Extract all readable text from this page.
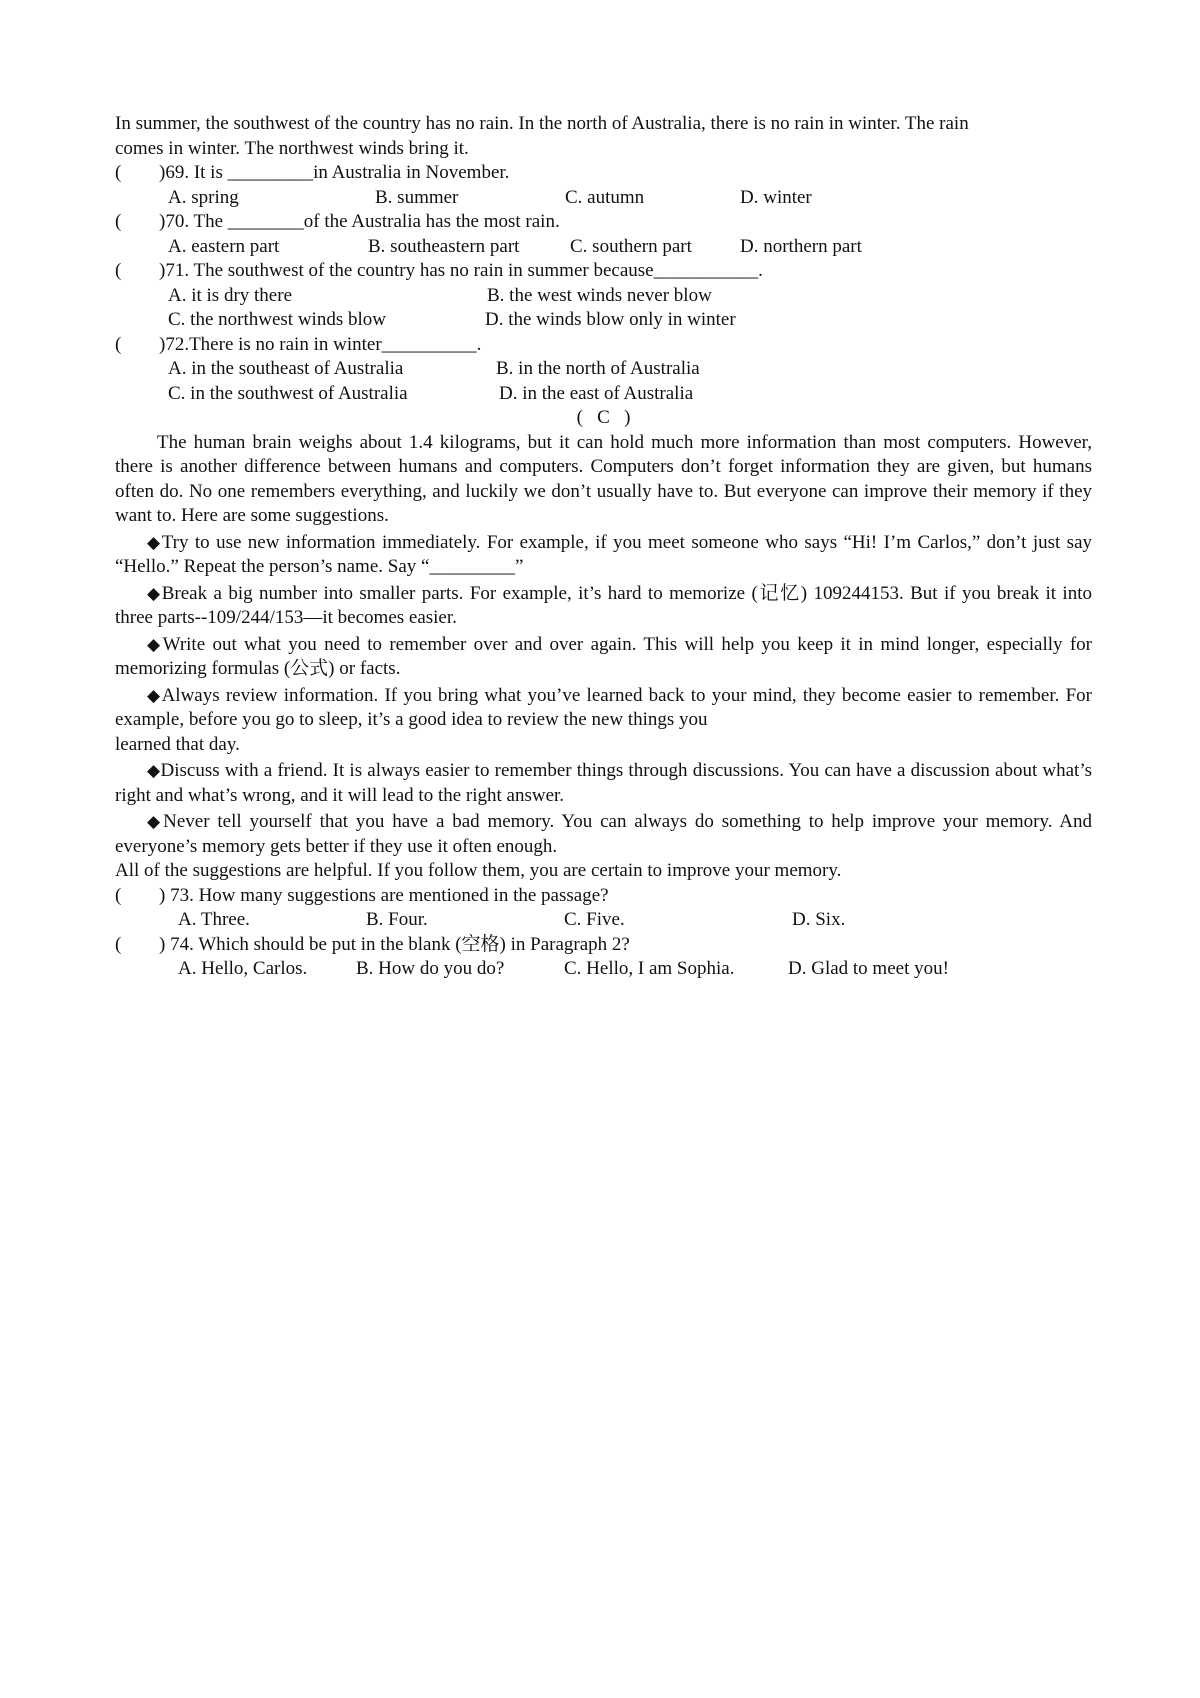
In summer, the southwest of the country has no rain. In the north of Australia, there is no rain in winter. The rain
comes in winter. The northwest winds bring it.

(	)69. It is _________in Australia in November.
A. spring	B. summer	C. autumn	D. winter
(	)70. The ________of the Australia has the most rain.
A. eastern part	B. southeastern part	C. southern part	D. northern part
(	)71. The southwest of the country has no rain in summer because___________.
A. it is dry there	B. the west winds never blow
C. the northwest winds blow	D. the winds blow only in winter
(	)72.There is no rain in winter__________.
A. in the southeast of Australia	B. in the north of Australia
C. in the southwest of Australia	D. in the east of Australia

(   C   )

The human brain weighs about 1.4 kilograms, but it can hold much more information than most computers. However, there is another difference between humans and computers. Computers don’t forget information they are given, but humans often do. No one remembers everything, and luckily we don’t usually have to. But everyone can improve their memory if they want to. Here are some suggestions.

◆Try to use new information immediately. For example, if you meet someone who says “Hi! I’m Carlos,” don’t just say “Hello.” Repeat the person’s name. Say “_________”

◆Break a big number into smaller parts. For example, it’s hard to memorize (记忆) 109244153. But if you break it into three parts--109/244/153—it becomes easier.

◆Write out what you need to remember over and over again. This will help you keep it in mind longer, especially for memorizing formulas (公式) or facts.

◆Always review information. If you bring what you’ve learned back to your mind, they become easier to remember. For example, before you go to sleep, it’s a good idea to review the new things you

learned that day.

◆Discuss with a friend. It is always easier to remember things through discussions. You can have a discussion about what’s right and what’s wrong, and it will lead to the right answer.

◆Never tell yourself that you have a bad memory. You can always do something to help improve your memory. And everyone’s memory gets better if they use it often enough.

All of the suggestions are helpful. If you follow them, you are certain to improve your memory.

(	) 73. How many suggestions are mentioned in the passage?
A. Three.	B. Four.	C. Five.	D. Six.
(	) 74. Which should be put in the blank (空格) in Paragraph 2?
A. Hello, Carlos.	B. How do you do?	C. Hello, I am Sophia.	D. Glad to meet you!
